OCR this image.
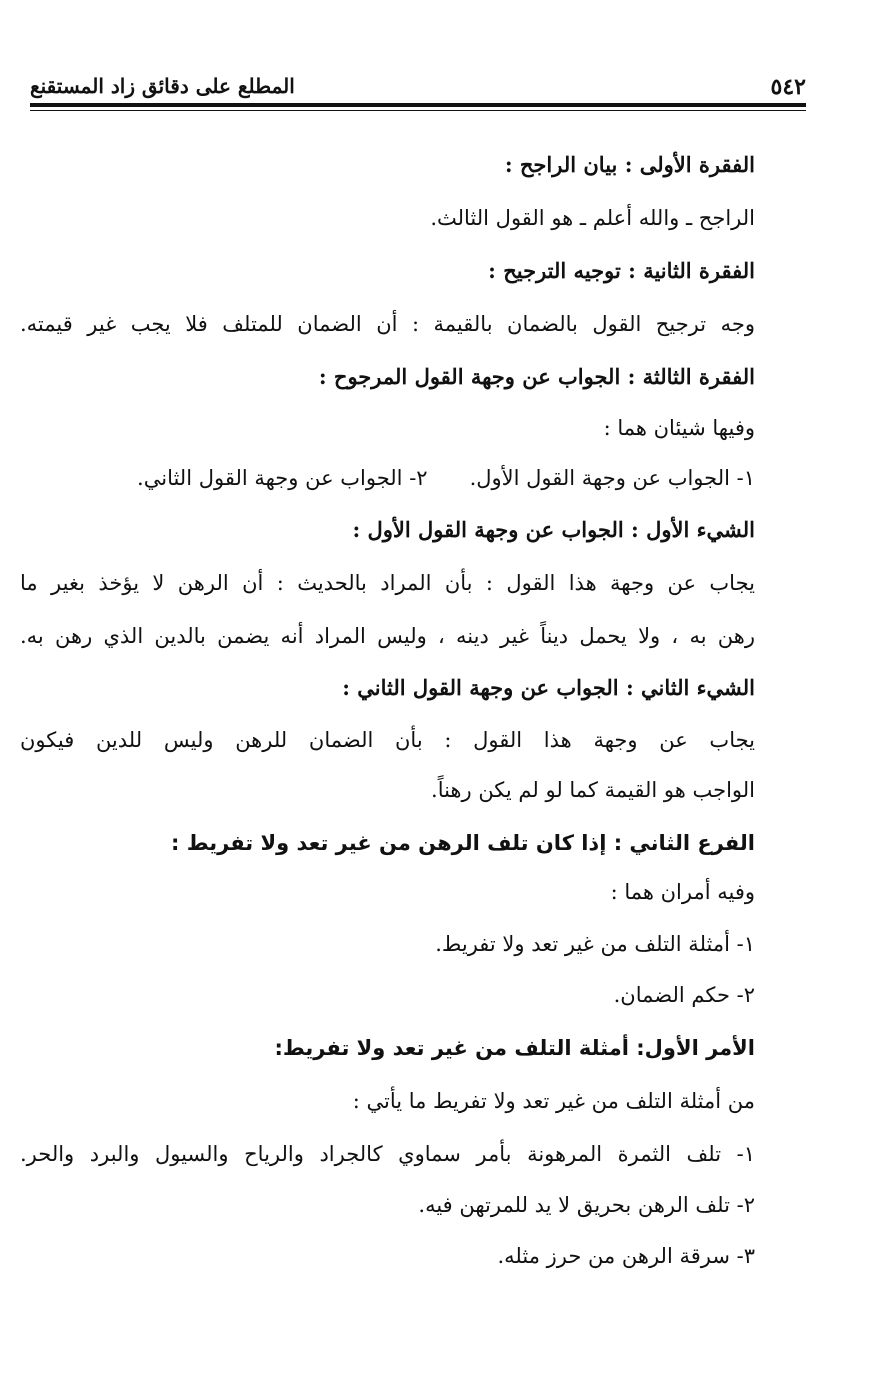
٥٤٢
المطلع على دقائق زاد المستقنع
الفقرة الأولى : بيان الراجح :
الراجح ـ والله أعلم ـ هو القول الثالث.
الفقرة الثانية : توجيه الترجيح :
وجه ترجيح القول بالضمان بالقيمة : أن الضمان للمتلف فلا يجب غير قيمته.
الفقرة الثالثة : الجواب عن وجهة القول المرجوح :
وفيها شيئان هما :
١- الجواب عن وجهة القول الأول.
٢- الجواب عن وجهة القول الثاني.
الشيء الأول : الجواب عن وجهة القول الأول :
يجاب عن وجهة هذا القول : بأن المراد بالحديث : أن الرهن لا يؤخذ بغير ما
رهن به ، ولا يحمل ديناً غير دينه ، وليس المراد أنه يضمن بالدين الذي رهن به.
الشيء الثاني : الجواب عن وجهة القول الثاني :
يجاب عن وجهة هذا القول : بأن الضمان للرهن وليس للدين فيكون
الواجب هو القيمة كما لو لم يكن رهناً.
الفرع الثاني : إذا كان تلف الرهن من غير تعد ولا تفريط :
وفيه أمران هما :
١- أمثلة التلف من غير تعد ولا تفريط.
٢- حكم الضمان.
الأمر الأول: أمثلة التلف من غير تعد ولا تفريط:
من أمثلة التلف من غير تعد ولا تفريط ما يأتي :
١- تلف الثمرة المرهونة بأمر سماوي كالجراد والرياح والسيول والبرد والحر.
٢- تلف الرهن بحريق لا يد للمرتهن فيه.
٣- سرقة الرهن من حرز مثله.
